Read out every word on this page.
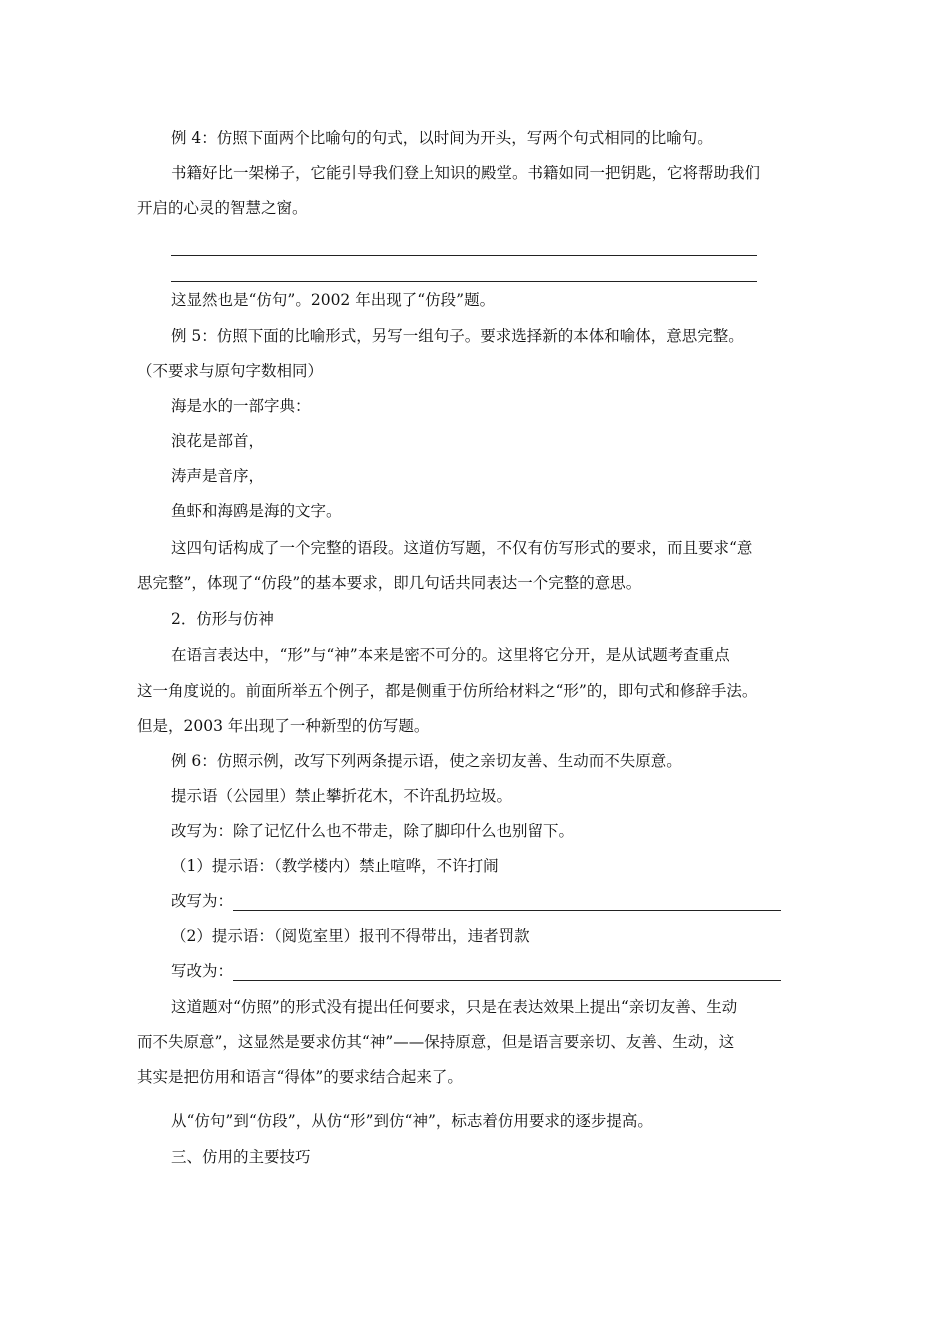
例 4：仿照下面两个比喻句的句式，以时间为开头，写两个句式相同的比喻句。
书籍好比一架梯子，它能引导我们登上知识的殿堂。书籍如同一把钥匙，它将帮助我们
开启的心灵的智慧之窗。
这显然也是“仿句”。2002 年出现了“仿段”题。
例 5：仿照下面的比喻形式，另写一组句子。要求选择新的本体和喻体，意思完整。
（不要求与原句字数相同）
海是水的一部字典：
浪花是部首，
涛声是音序，
鱼虾和海鸥是海的文字。
这四句话构成了一个完整的语段。这道仿写题，不仅有仿写形式的要求，而且要求“意
思完整”，体现了“仿段”的基本要求，即几句话共同表达一个完整的意思。
2．仿形与仿神
在语言表达中，“形”与“神”本来是密不可分的。这里将它分开，是从试题考查重点
这一角度说的。前面所举五个例子，都是侧重于仿所给材料之“形”的，即句式和修辞手法。
但是，2003 年出现了一种新型的仿写题。
例 6：仿照示例，改写下列两条提示语，使之亲切友善、生动而不失原意。
提示语（公园里）禁止攀折花木，不许乱扔垃圾。
改写为：除了记忆什么也不带走，除了脚印什么也别留下。
（1）提示语：（教学楼内）禁止喧哗，不许打闹
改写为：
（2）提示语：（阅览室里）报刊不得带出，违者罚款
写改为：
这道题对“仿照”的形式没有提出任何要求，只是在表达效果上提出“亲切友善、生动
而不失原意”，这显然是要求仿其“神”——保持原意，但是语言要亲切、友善、生动，这
其实是把仿用和语言“得体”的要求结合起来了。
从“仿句”到“仿段”，从仿“形”到仿“神”，标志着仿用要求的逐步提高。
三、仿用的主要技巧
